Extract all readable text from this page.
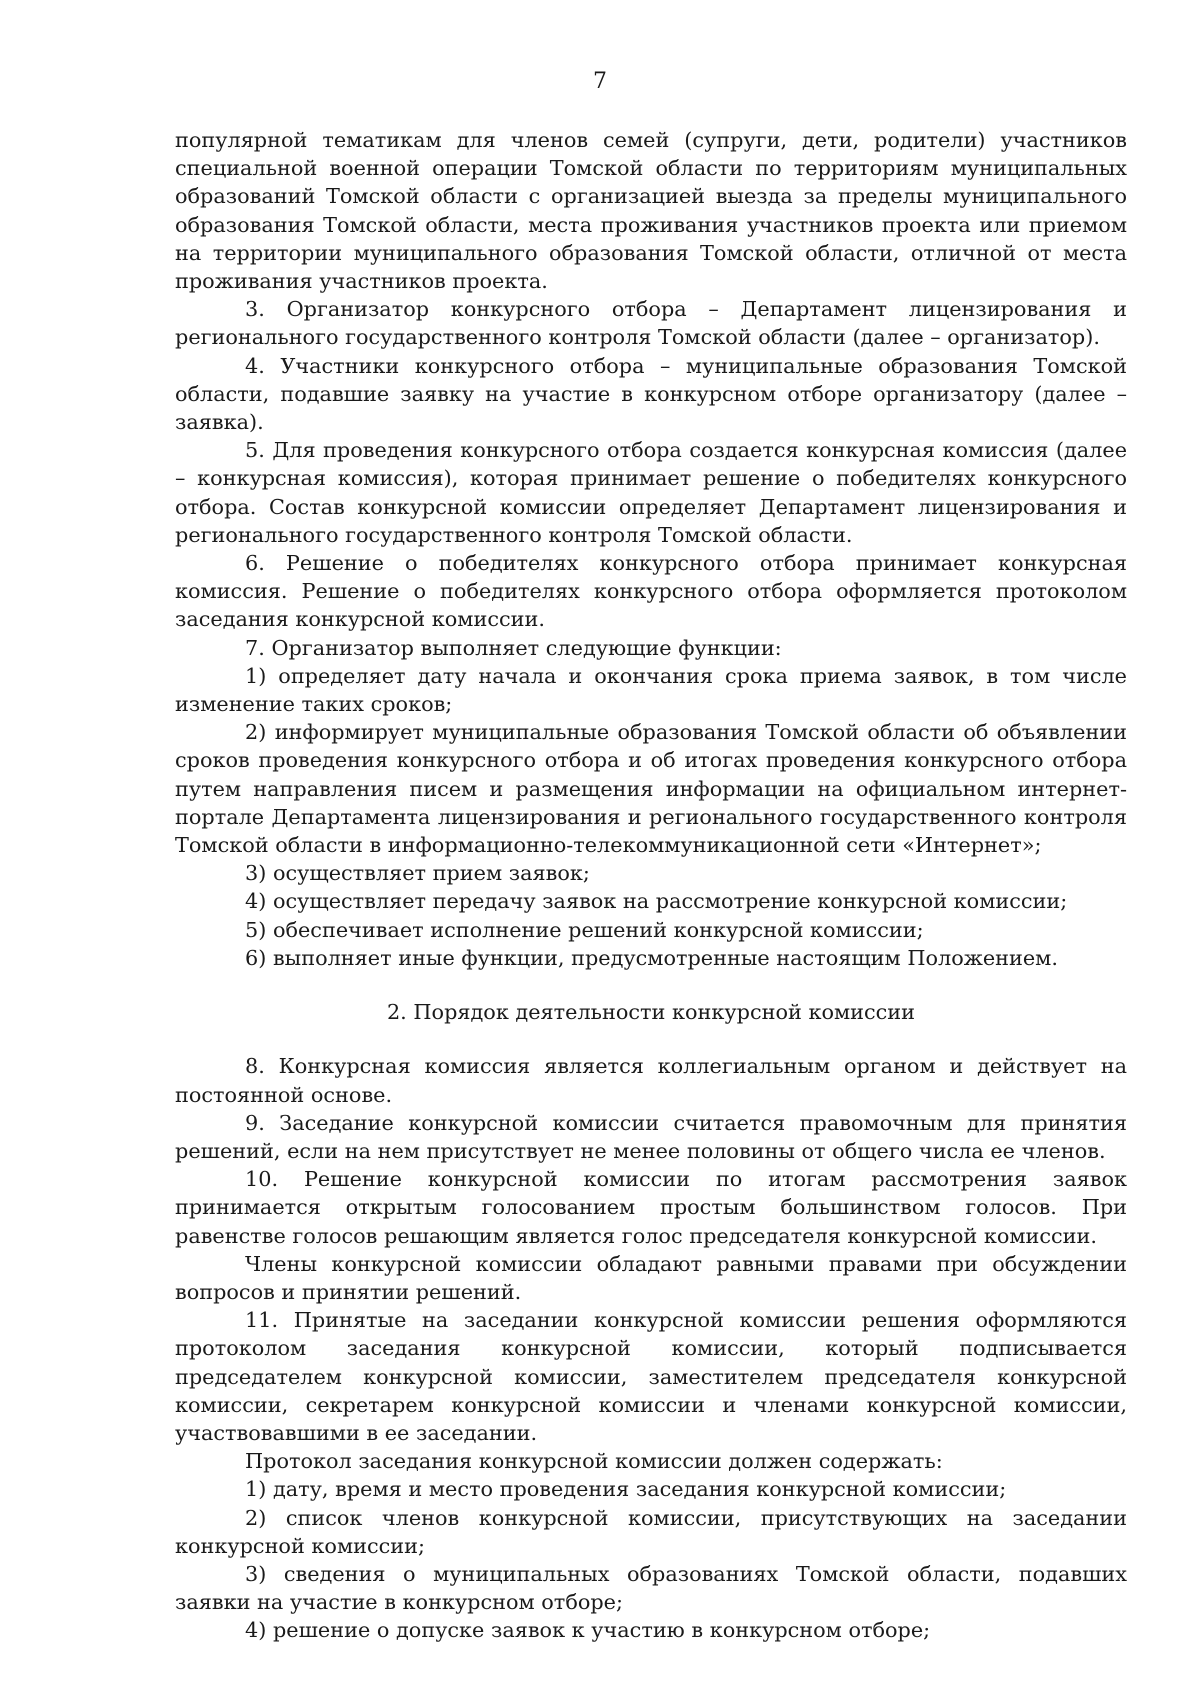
7

популярной тематикам для членов семей (супруги, дети, родители) участников специальной военной операции Томской области по территориям муниципальных образований Томской области с организацией выезда за пределы муниципального образования Томской области, места проживания участников проекта или приемом на территории муниципального образования Томской области, отличной от места проживания участников проекта.

3. Организатор конкурсного отбора – Департамент лицензирования и регионального государственного контроля Томской области (далее – организатор).

4. Участники конкурсного отбора – муниципальные образования Томской области, подавшие заявку на участие в конкурсном отборе организатору (далее – заявка).

5. Для проведения конкурсного отбора создается конкурсная комиссия (далее – конкурсная комиссия), которая принимает решение о победителях конкурсного отбора. Состав конкурсной комиссии определяет Департамент лицензирования и регионального государственного контроля Томской области.

6. Решение о победителях конкурсного отбора принимает конкурсная комиссия. Решение о победителях конкурсного отбора оформляется протоколом заседания конкурсной комиссии.

7. Организатор выполняет следующие функции:

1) определяет дату начала и окончания срока приема заявок, в том числе изменение таких сроков;

2) информирует муниципальные образования Томской области об объявлении сроков проведения конкурсного отбора и об итогах проведения конкурсного отбора путем направления писем и размещения информации на официальном интернет-портале Департамента лицензирования и регионального государственного контроля Томской области в информационно-телекоммуникационной сети «Интернет»;

3) осуществляет прием заявок;

4) осуществляет передачу заявок на рассмотрение конкурсной комиссии;

5) обеспечивает исполнение решений конкурсной комиссии;

6) выполняет иные функции, предусмотренные настоящим Положением.

2. Порядок деятельности конкурсной комиссии

8. Конкурсная комиссия является коллегиальным органом и действует на постоянной основе.

9. Заседание конкурсной комиссии считается правомочным для принятия решений, если на нем присутствует не менее половины от общего числа ее членов.

10. Решение конкурсной комиссии по итогам рассмотрения заявок принимается открытым голосованием простым большинством голосов. При равенстве голосов решающим является голос председателя конкурсной комиссии.

Члены конкурсной комиссии обладают равными правами при обсуждении вопросов и принятии решений.

11. Принятые на заседании конкурсной комиссии решения оформляются протоколом заседания конкурсной комиссии, который подписывается председателем конкурсной комиссии, заместителем председателя конкурсной комиссии, секретарем конкурсной комиссии и членами конкурсной комиссии, участвовавшими в ее заседании.

Протокол заседания конкурсной комиссии должен содержать:

1) дату, время и место проведения заседания конкурсной комиссии;

2) список членов конкурсной комиссии, присутствующих на заседании конкурсной комиссии;

3) сведения о муниципальных образованиях Томской области, подавших заявки на участие в конкурсном отборе;

4) решение о допуске заявок к участию в конкурсном отборе;
